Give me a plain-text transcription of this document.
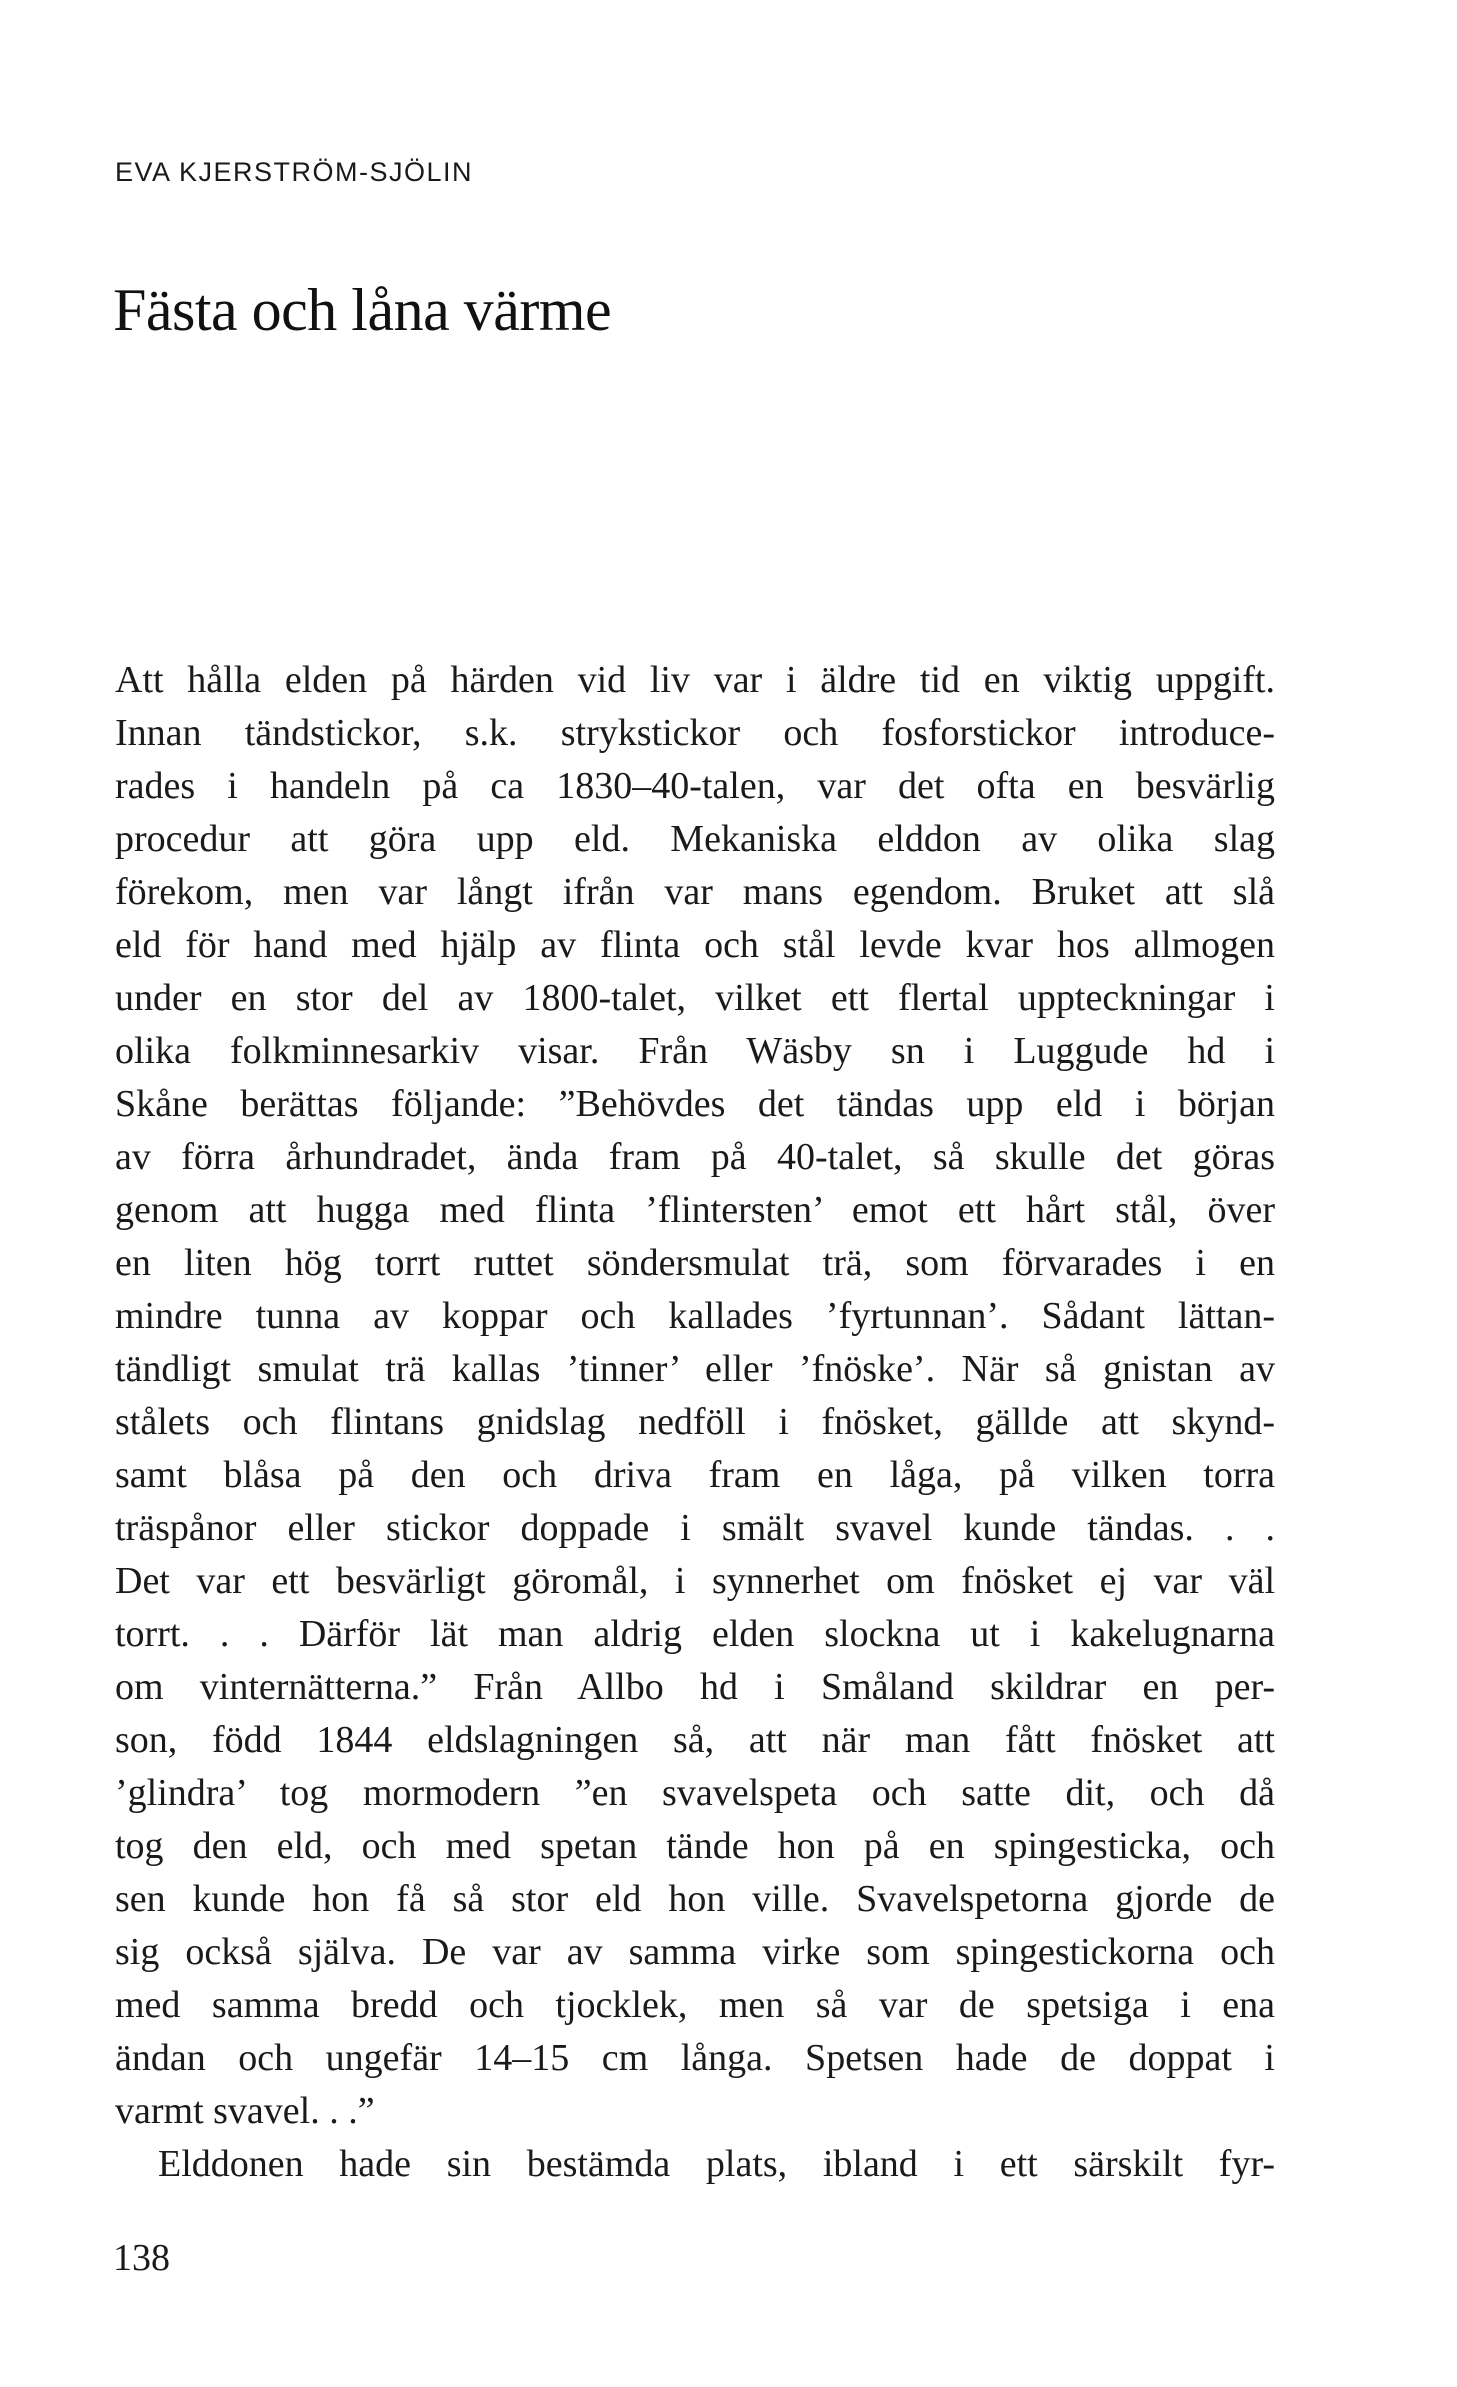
EVA KJERSTRÖM-SJÖLIN
Fästa och låna värme
Att hålla elden på härden vid liv var i äldre tid en viktig uppgift.
Innan tändstickor, s.k. strykstickor och fosforstickor introduce-
rades i handeln på ca 1830–40-talen, var det ofta en besvärlig
procedur att göra upp eld. Mekaniska elddon av olika slag
förekom, men var långt ifrån var mans egendom. Bruket att slå
eld för hand med hjälp av flinta och stål levde kvar hos allmogen
under en stor del av 1800-talet, vilket ett flertal uppteckningar i
olika folkminnesarkiv visar. Från Wäsby sn i Luggude hd i
Skåne berättas följande: ”Behövdes det tändas upp eld i början
av förra århundradet, ända fram på 40-talet, så skulle det göras
genom att hugga med flinta ’flintersten’ emot ett hårt stål, över
en liten hög torrt ruttet söndersmulat trä, som förvarades i en
mindre tunna av koppar och kallades ’fyrtunnan’. Sådant lättan-
tändligt smulat trä kallas ’tinner’ eller ’fnöske’. När så gnistan av
stålets och flintans gnidslag nedföll i fnösket, gällde att skynd-
samt blåsa på den och driva fram en låga, på vilken torra
träspånor eller stickor doppade i smält svavel kunde tändas. . .
Det var ett besvärligt göromål, i synnerhet om fnösket ej var väl
torrt. . . Därför lät man aldrig elden slockna ut i kakelugnarna
om vinternätterna.” Från Allbo hd i Småland skildrar en per-
son, född 1844 eldslagningen så, att när man fått fnösket att
’glindra’ tog mormodern ”en svavelspeta och satte dit, och då
tog den eld, och med spetan tände hon på en spingesticka, och
sen kunde hon få så stor eld hon ville. Svavelspetorna gjorde de
sig också själva. De var av samma virke som spingestickorna och
med samma bredd och tjocklek, men så var de spetsiga i ena
ändan och ungefär 14–15 cm långa. Spetsen hade de doppat i
varmt svavel. . .”
Elddonen hade sin bestämda plats, ibland i ett särskilt fyr-
138
